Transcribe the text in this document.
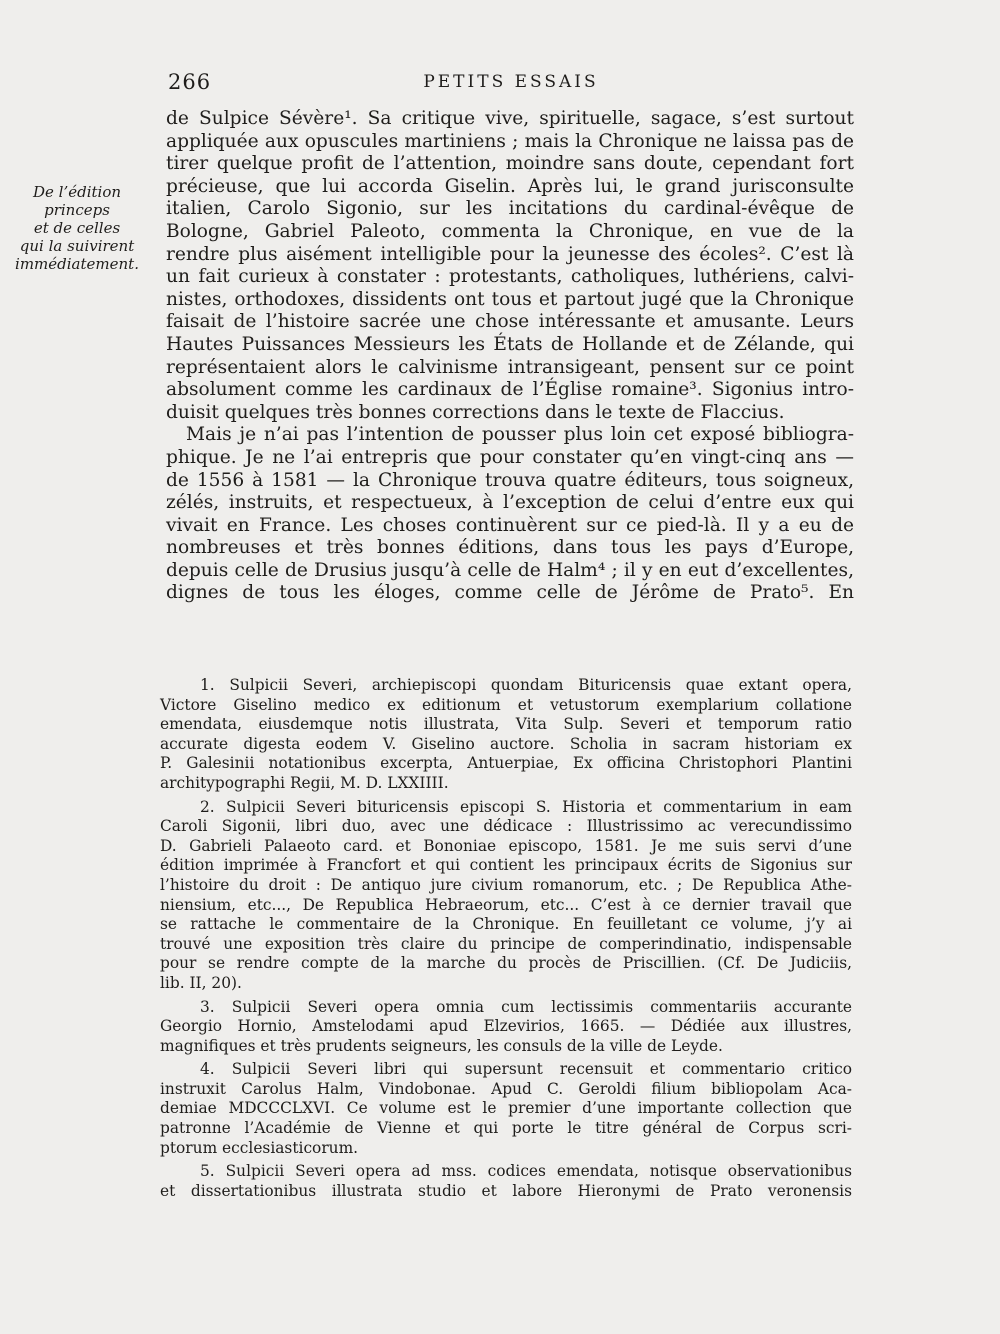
266	PETITS ESSAIS
De l’édition
princeps
et de celles
qui la suivirent
immédiatement.
de Sulpice Sévère¹. Sa critique vive, spirituelle, sagace, s’est surtout
appliquée aux opuscules martiniens ; mais la Chronique ne laissa pas de
tirer quelque profit de l’attention, moindre sans doute, cependant fort
précieuse, que lui accorda Giselin. Après lui, le grand jurisconsulte
italien, Carolo Sigonio, sur les incitations du cardinal-évêque de
Bologne, Gabriel Paleoto, commenta la Chronique, en vue de la
rendre plus aisément intelligible pour la jeunesse des écoles². C’est là
un fait curieux à constater : protestants, catholiques, luthériens, calvi-
nistes, orthodoxes, dissidents ont tous et partout jugé que la Chronique
faisait de l’histoire sacrée une chose intéressante et amusante. Leurs
Hautes Puissances Messieurs les États de Hollande et de Zélande, qui
représentaient alors le calvinisme intransigeant, pensent sur ce point
absolument comme les cardinaux de l’Église romaine³. Sigonius intro-
duisit quelques très bonnes corrections dans le texte de Flaccius.
Mais je n’ai pas l’intention de pousser plus loin cet exposé bibliogra-
phique. Je ne l’ai entrepris que pour constater qu’en vingt-cinq ans —
de 1556 à 1581 — la Chronique trouva quatre éditeurs, tous soigneux,
zélés, instruits, et respectueux, à l’exception de celui d’entre eux qui
vivait en France. Les choses continuèrent sur ce pied-là. Il y a eu de
nombreuses et très bonnes éditions, dans tous les pays d’Europe,
depuis celle de Drusius jusqu’à celle de Halm⁴ ; il y en eut d’excellentes,
dignes de tous les éloges, comme celle de Jérôme de Prato⁵. En
1. Sulpicii Severi, archiepiscopi quondam Bituricensis quae extant opera,
Victore Giselino medico ex editionum et vetustorum exemplarium collatione
emendata, eiusdemque notis illustrata, Vita Sulp. Severi et temporum ratio
accurate digesta eodem V. Giselino auctore. Scholia in sacram historiam ex
P. Galesinii notationibus excerpta, Antuerpiae, Ex officina Christophori Plantini
architypographi Regii, M. D. LXXIIII.
2. Sulpicii Severi bituricensis episcopi S. Historia et commentarium in eam
Caroli Sigonii, libri duo, avec une dédicace : Illustrissimo ac verecundissimo
D. Gabrieli Palaeoto card. et Bononiae episcopo, 1581. Je me suis servi d’une
édition imprimée à Francfort et qui contient les principaux écrits de Sigonius sur
l’histoire du droit : De antiquo jure civium romanorum, etc. ; De Republica Athe-
niensium, etc..., De Republica Hebraeorum, etc... C’est à ce dernier travail que
se rattache le commentaire de la Chronique. En feuilletant ce volume, j’y ai
trouvé une exposition très claire du principe de comperindinatio, indispensable
pour se rendre compte de la marche du procès de Priscillien. (Cf. De Judiciis,
lib. II, 20).
3. Sulpicii Severi opera omnia cum lectissimis commentariis accurante
Georgio Hornio, Amstelodami apud Elzevirios, 1665. — Dédiée aux illustres,
magnifiques et très prudents seigneurs, les consuls de la ville de Leyde.
4. Sulpicii Severi libri qui supersunt recensuit et commentario critico
instruxit Carolus Halm, Vindobonae. Apud C. Geroldi filium bibliopolam Aca-
demiae MDCCCLXVI. Ce volume est le premier d’une importante collection que
patronne l’Académie de Vienne et qui porte le titre général de Corpus scri-
ptorum ecclesiasticorum.
5. Sulpicii Severi opera ad mss. codices emendata, notisque observationibus
et dissertationibus illustrata studio et labore Hieronymi de Prato veronensis
